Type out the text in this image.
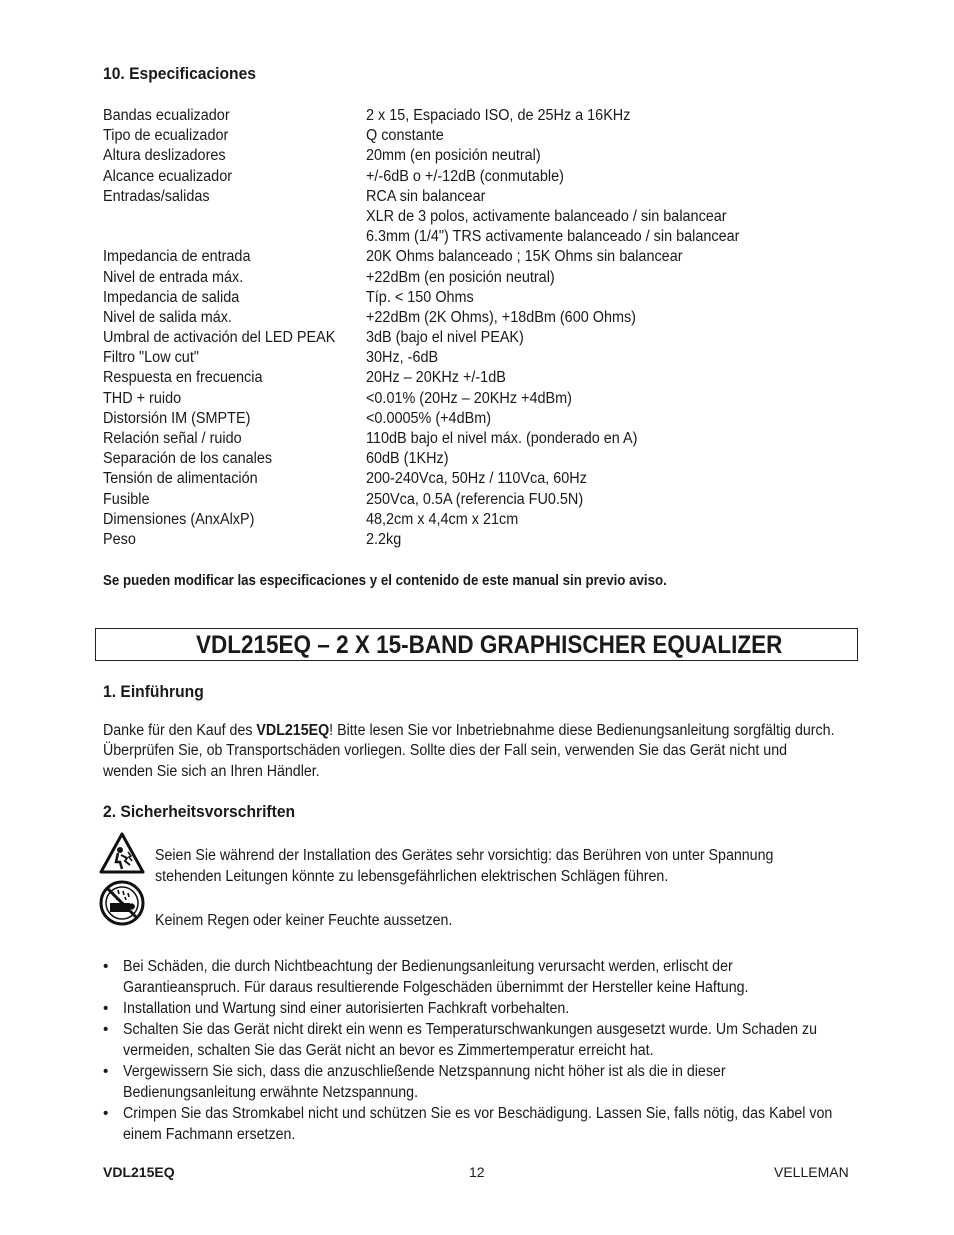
10. Especificaciones
Bandas ecualizador	2 x 15, Espaciado ISO, de 25Hz a 16KHz
Tipo de ecualizador	Q constante
Altura deslizadores	20mm (en posición neutral)
Alcance ecualizador	+/-6dB o +/-12dB (conmutable)
Entradas/salidas	RCA sin balancear
XLR de 3 polos, activamente balanceado / sin balancear
6.3mm (1/4") TRS activamente balanceado / sin balancear
Impedancia de entrada	20K Ohms balanceado ; 15K Ohms sin balancear
Nivel de entrada máx.	+22dBm (en posición neutral)
Impedancia de salida	Típ. < 150 Ohms
Nivel de salida máx.	+22dBm (2K Ohms), +18dBm (600 Ohms)
Umbral de activación del LED PEAK	3dB (bajo el nivel PEAK)
Filtro "Low cut"	30Hz, -6dB
Respuesta en frecuencia	20Hz – 20KHz +/-1dB
THD + ruido	<0.01% (20Hz – 20KHz +4dBm)
Distorsión IM (SMPTE)	<0.0005% (+4dBm)
Relación señal / ruido	110dB bajo el nivel máx. (ponderado en A)
Separación de los canales	60dB (1KHz)
Tensión de alimentación	200-240Vca, 50Hz / 110Vca, 60Hz
Fusible	250Vca, 0.5A (referencia FU0.5N)
Dimensiones (AnxAlxP)	48,2cm x 4,4cm x 21cm
Peso	2.2kg
Se pueden modificar las especificaciones y el contenido de este manual sin previo aviso.
VDL215EQ – 2 X 15-BAND GRAPHISCHER EQUALIZER
1. Einführung
Danke für den Kauf des VDL215EQ! Bitte lesen Sie vor Inbetriebnahme diese Bedienungsanleitung sorgfältig durch. Überprüfen Sie, ob Transportschäden vorliegen. Sollte dies der Fall sein, verwenden Sie das Gerät nicht und wenden Sie sich an Ihren Händler.
2. Sicherheitsvorschriften
Seien Sie während der Installation des Gerätes sehr vorsichtig: das Berühren von unter Spannung stehenden Leitungen könnte zu lebensgefährlichen elektrischen Schlägen führen.
Keinem Regen oder keiner Feuchte aussetzen.
• Bei Schäden, die durch Nichtbeachtung der Bedienungsanleitung verursacht werden, erlischt der Garantieanspruch. Für daraus resultierende Folgeschäden übernimmt der Hersteller keine Haftung.
• Installation und Wartung sind einer autorisierten Fachkraft vorbehalten.
• Schalten Sie das Gerät nicht direkt ein wenn es Temperaturschwankungen ausgesetzt wurde. Um Schaden zu vermeiden, schalten Sie das Gerät nicht an bevor es Zimmertemperatur erreicht hat.
• Vergewissern Sie sich, dass die anzuschließende Netzspannung nicht höher ist als die in dieser Bedienungsanleitung erwähnte Netzspannung.
• Crimpen Sie das Stromkabel nicht und schützen Sie es vor Beschädigung. Lassen Sie, falls nötig, das Kabel von einem Fachmann ersetzen.
VDL215EQ	12	VELLEMAN
